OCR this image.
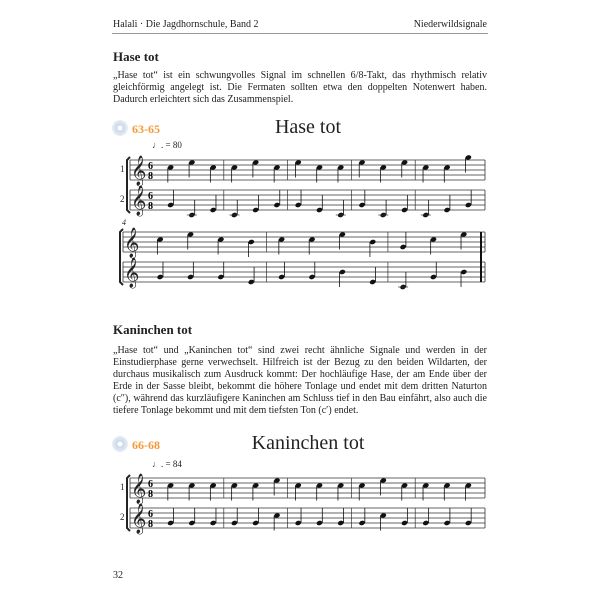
Halali · Die Jagdhornschule, Band 2	Niederwildsignale
Hase tot
„Hase tot“ ist ein schwungvolles Signal im schnellen 6/8-Takt, das rhythmisch relativ gleichförmig angelegt ist. Die Fermaten sollten etwa den doppelten Notenwert haben. Dadurch erleichtert sich das Zusammenspiel.
63-65	Hase tot
♩. = 80
1
2
4
Kaninchen tot
„Hase tot“ und „Kaninchen tot“ sind zwei recht ähnliche Signale und werden in der Einstudierphase gerne verwechselt. Hilfreich ist der Bezug zu den beiden Wildarten, der durchaus musikalisch zum Ausdruck kommt: Der hochläufige Hase, der am Ende über der Erde in der Sasse bleibt, bekommt die höhere Tonlage und endet mit dem dritten Naturton (c″), während das kurzläufigere Kaninchen am Schluss tief in den Bau einfährt, also auch die tiefere Tonlage bekommt und mit dem tiefsten Ton (c′) endet.
66-68	Kaninchen tot
♩. = 84
1
2
𝄞 6
8
𝄞 6
8
𝄞
𝄞
𝄞 6
8
𝄞 6
8
32
